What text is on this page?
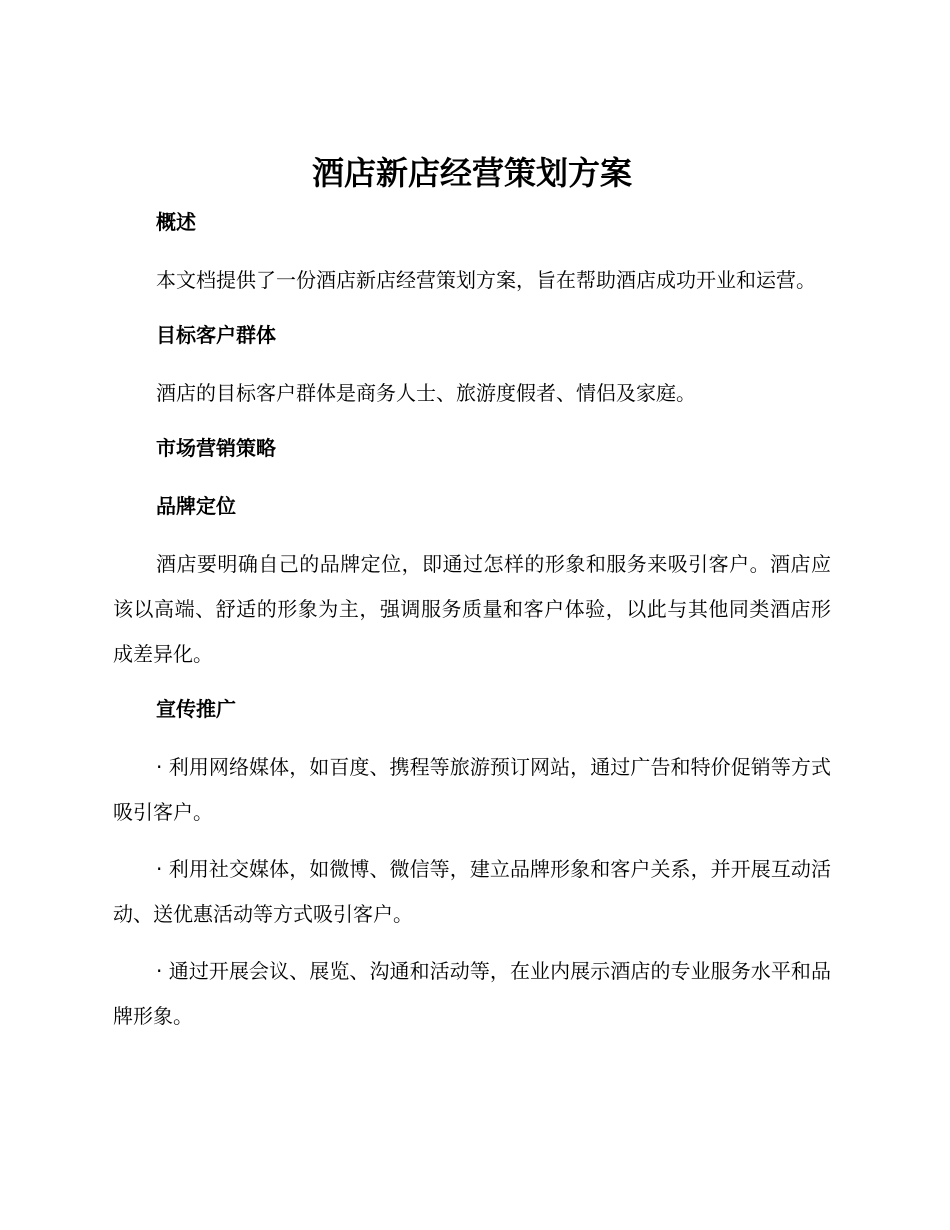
酒店新店经营策划方案

概述

本文档提供了一份酒店新店经营策划方案，旨在帮助酒店成功开业和运营。

目标客户群体

酒店的目标客户群体是商务人士、旅游度假者、情侣及家庭。

市场营销策略

品牌定位

酒店要明确自己的品牌定位，即通过怎样的形象和服务来吸引客户。酒店应该以高端、舒适的形象为主，强调服务质量和客户体验，以此与其他同类酒店形成差异化。

宣传推广

· 利用网络媒体，如百度、携程等旅游预订网站，通过广告和特价促销等方式吸引客户。

· 利用社交媒体，如微博、微信等，建立品牌形象和客户关系，并开展互动活动、送优惠活动等方式吸引客户。

· 通过开展会议、展览、沟通和活动等，在业内展示酒店的专业服务水平和品牌形象。
